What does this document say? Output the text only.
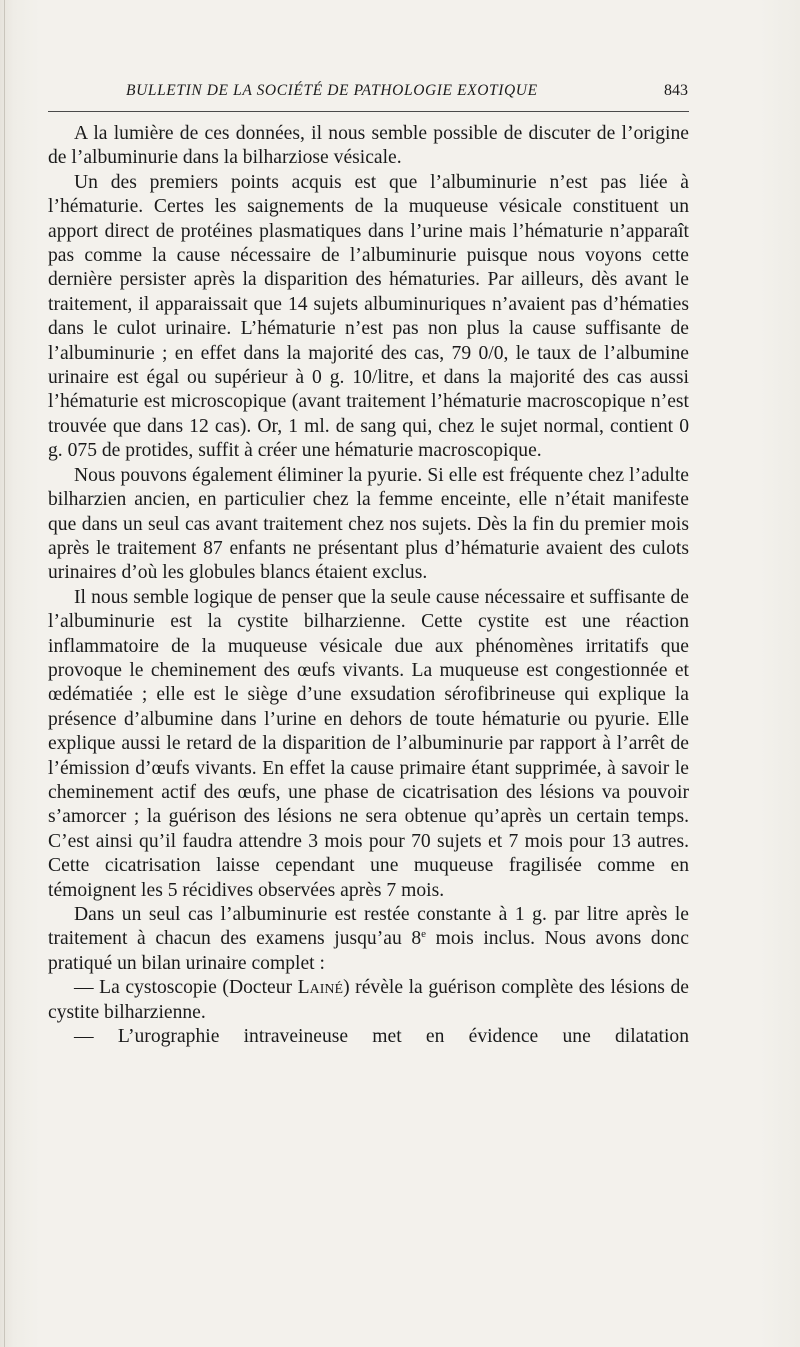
BULLETIN DE LA SOCIÉTÉ DE PATHOLOGIE EXOTIQUE	843

A la lumière de ces données, il nous semble possible de discuter de l’origine de l’albuminurie dans la bilharziose vésicale.

Un des premiers points acquis est que l’albuminurie n’est pas liée à l’hématurie. Certes les saignements de la muqueuse vésicale constituent un apport direct de protéines plasmatiques dans l’urine mais l’hématurie n’apparaît pas comme la cause nécessaire de l’albuminurie puisque nous voyons cette dernière persister après la disparition des hématuries. Par ailleurs, dès avant le traitement, il apparaissait que 14 sujets albuminuriques n’avaient pas d’hématies dans le culot urinaire. L’hématurie n’est pas non plus la cause suffisante de l’albuminurie ; en effet dans la majorité des cas, 79 0/0, le taux de l’albumine urinaire est égal ou supérieur à 0 g. 10/litre, et dans la majorité des cas aussi l’hématurie est microscopique (avant traitement l’hématurie macroscopique n’est trouvée que dans 12 cas). Or, 1 ml. de sang qui, chez le sujet normal, contient 0 g. 075 de protides, suffit à créer une hématurie macroscopique.

Nous pouvons également éliminer la pyurie. Si elle est fréquente chez l’adulte bilharzien ancien, en particulier chez la femme enceinte, elle n’était manifeste que dans un seul cas avant traitement chez nos sujets. Dès la fin du premier mois après le traitement 87 enfants ne présentant plus d’hématurie avaient des culots urinaires d’où les globules blancs étaient exclus.

Il nous semble logique de penser que la seule cause nécessaire et suffisante de l’albuminurie est la cystite bilharzienne. Cette cystite est une réaction inflammatoire de la muqueuse vésicale due aux phénomènes irritatifs que provoque le cheminement des œufs vivants. La muqueuse est congestionnée et œdématiée ; elle est le siège d’une exsudation sérofibrineuse qui explique la présence d’albumine dans l’urine en dehors de toute hématurie ou pyurie. Elle explique aussi le retard de la disparition de l’albuminurie par rapport à l’arrêt de l’émission d’œufs vivants. En effet la cause primaire étant supprimée, à savoir le cheminement actif des œufs, une phase de cicatrisation des lésions va pouvoir s’amorcer ; la guérison des lésions ne sera obtenue qu’après un certain temps. C’est ainsi qu’il faudra attendre 3 mois pour 70 sujets et 7 mois pour 13 autres. Cette cicatrisation laisse cependant une muqueuse fragilisée comme en témoignent les 5 récidives observées après 7 mois.

Dans un seul cas l’albuminurie est restée constante à 1 g. par litre après le traitement à chacun des examens jusqu’au 8e mois inclus. Nous avons donc pratiqué un bilan urinaire complet :

— La cystoscopie (Docteur Lainé) révèle la guérison complète des lésions de cystite bilharzienne.

— L’urographie intraveineuse met en évidence une dilatation
